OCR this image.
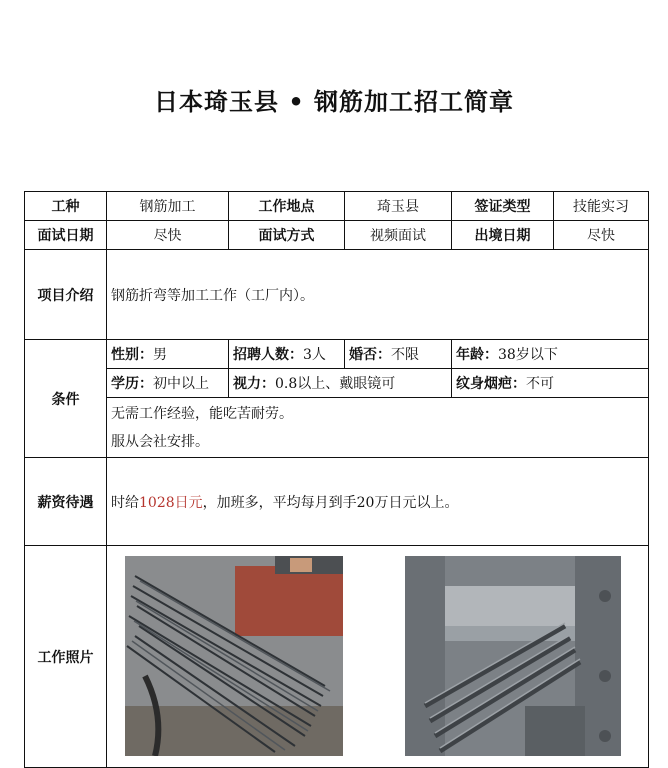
日本琦玉县 • 钢筋加工招工简章
工种	钢筋加工	工作地点	琦玉县	签证类型	技能实习
面试日期	尽快	面试方式	视频面试	出境日期	尽快
项目介绍	钢筋折弯等加工工作（工厂内）。				
条件	性别：男	招聘人数：3人	婚否：不限	年龄：38岁以下	
	学历：初中以上	视力：0.8以上、戴眼镜可		纹身烟疤：不可	

	无需工作经验，能吃苦耐劳。
服从会社安排。				

薪资待遇	时给1028日元，加班多，平均每月到手20万日元以上。				
工作照片	
